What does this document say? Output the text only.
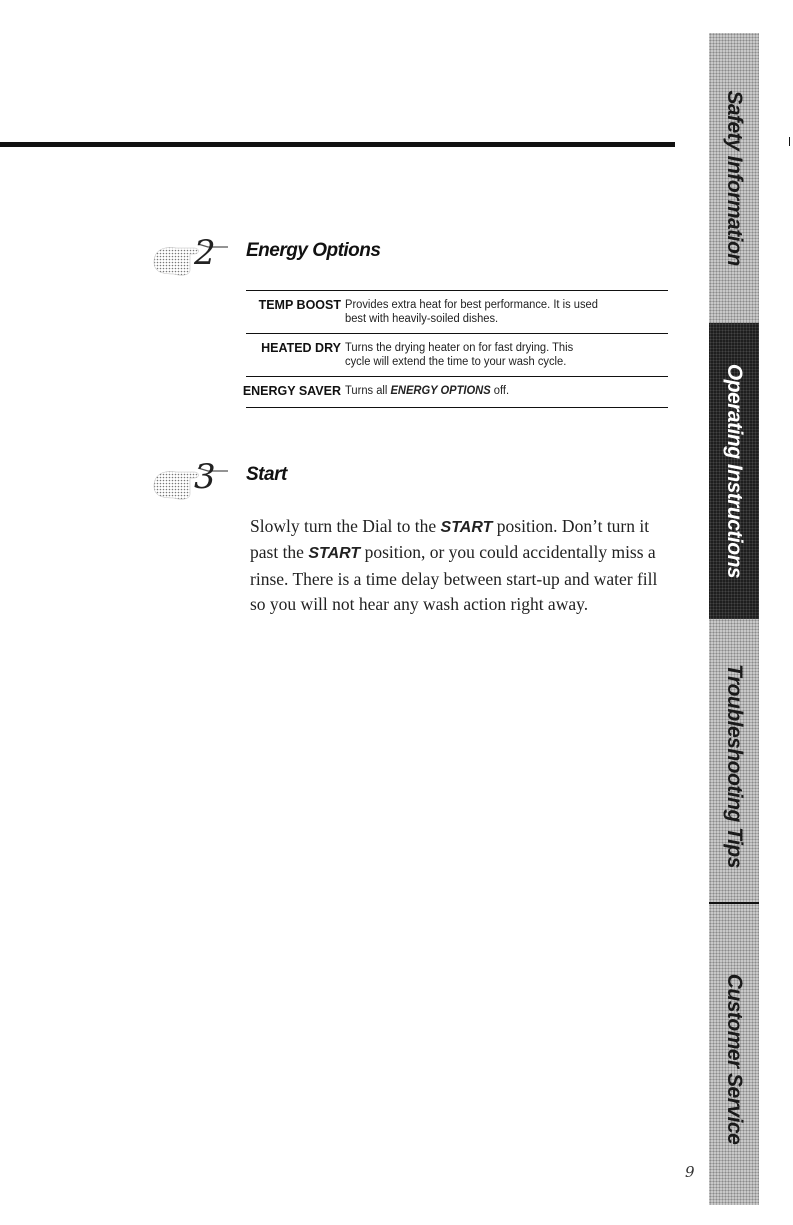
2 Energy Options
TEMP BOOST Provides extra heat for best performance. It is used
best with heavily-soiled dishes.
HEATED DRY Turns the drying heater on for fast drying. This
cycle will extend the time to your wash cycle.
ENERGY SAVER Turns all ENERGY OPTIONS off.
3 Start

Slowly turn the Dial to the START position. Don’t turn it past the START position, or you could accidentally miss a rinse. There is a time delay between start-up and water fill so you will not hear any wash action right away.

Safety Information
Operating Instructions
Troubleshooting Tips
Customer Service
9
